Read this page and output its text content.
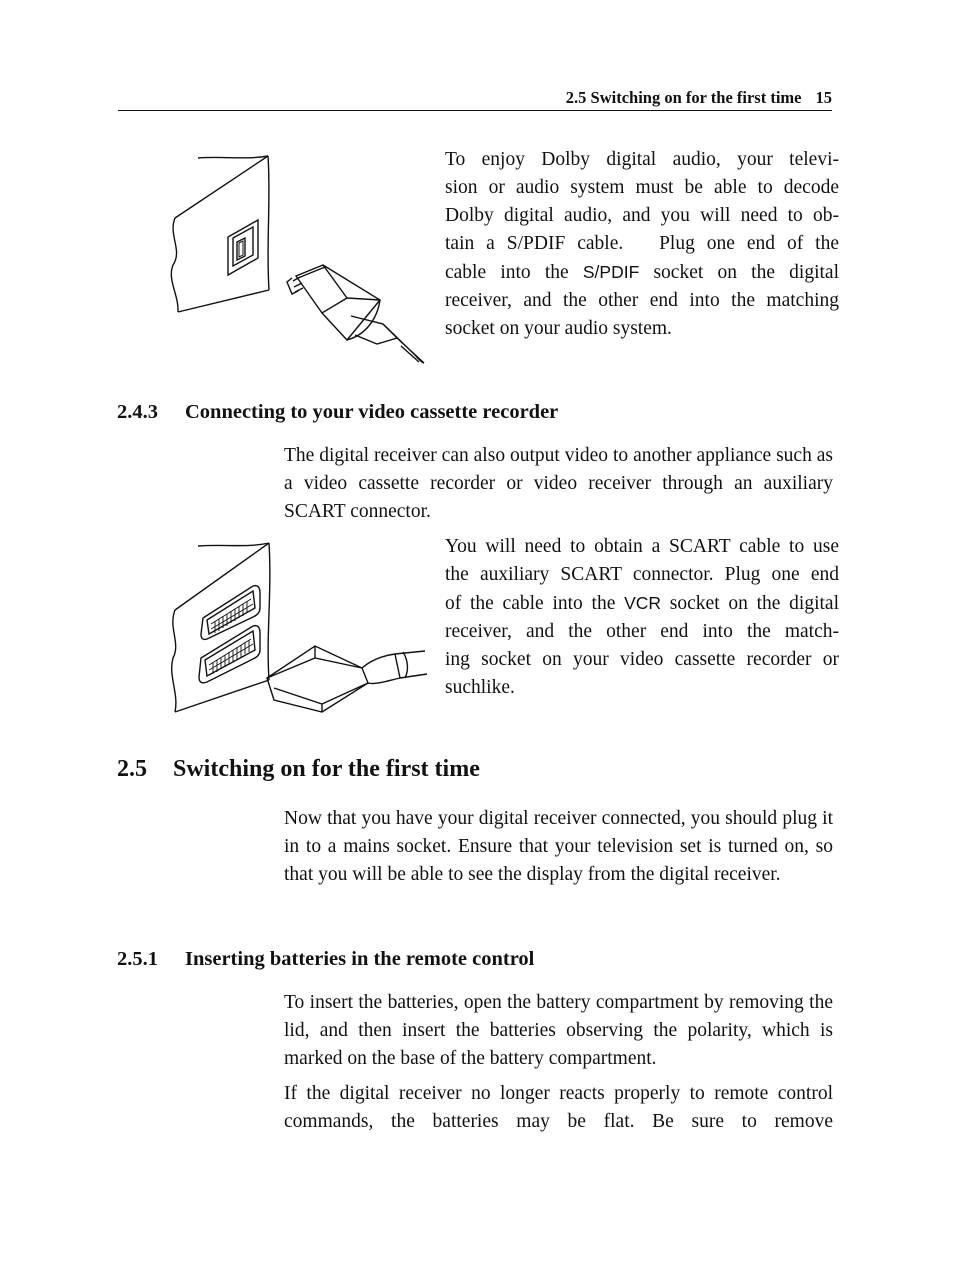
2.5 Switching on for the first time 15
To enjoy Dolby digital audio, your televi-
sion or audio system must be able to decode
Dolby digital audio, and you will need to ob-
tain a S/PDIF cable.   Plug one end of the
cable into the S/PDIF socket on the digital
receiver, and the other end into the matching
socket on your audio system.
2.4.3 Connecting to your video cassette recorder
The digital receiver can also output video to another appliance such as a video cassette recorder or video receiver through an auxiliary SCART connector.
You will need to obtain a SCART cable to use
the auxiliary SCART connector. Plug one end
of the cable into the VCR socket on the digital
receiver, and the other end into the match-
ing socket on your video cassette recorder or
suchlike.
2.5 Switching on for the first time
Now that you have your digital receiver connected, you should plug it in to a mains socket. Ensure that your television set is turned on, so that you will be able to see the display from the digital receiver.
2.5.1 Inserting batteries in the remote control
To insert the batteries, open the battery compartment by removing the lid, and then insert the batteries observing the polarity, which is marked on the base of the battery compartment.
If the digital receiver no longer reacts properly to remote control commands, the batteries may be flat. Be sure to remove
